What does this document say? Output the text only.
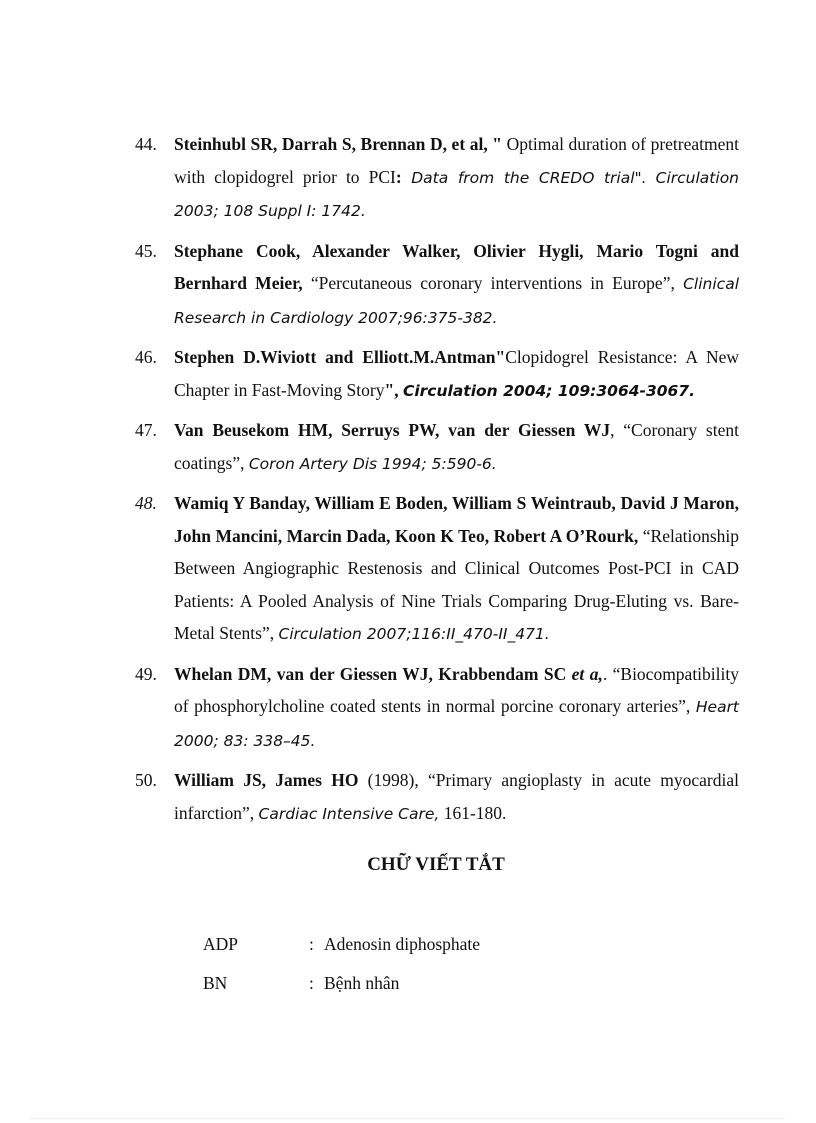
44. Steinhubl SR, Darrah S, Brennan D, et al, " Optimal duration of pretreatment with clopidogrel prior to PCI: Data from the CREDO trial". Circulation 2003; 108 Suppl I: 1742.
45. Stephane Cook, Alexander Walker, Olivier Hygli, Mario Togni and Bernhard Meier, “Percutaneous coronary interventions in Europe”, Clinical Research in Cardiology 2007;96:375-382.
46. Stephen D.Wiviott and Elliott.M.Antman"Clopidogrel Resistance: A New Chapter in Fast-Moving Story", Circulation 2004; 109:3064-3067.
47. Van Beusekom HM, Serruys PW, van der Giessen WJ, “Coronary stent coatings”, Coron Artery Dis 1994; 5:590-6.
48. Wamiq Y Banday, William E Boden, William S Weintraub, David J Maron, John Mancini, Marcin Dada, Koon K Teo, Robert A O’Rourk, “Relationship Between Angiographic Restenosis and Clinical Outcomes Post-PCI in CAD Patients: A Pooled Analysis of Nine Trials Comparing Drug-Eluting vs. Bare-Metal Stents”, Circulation 2007;116:II_470-II_471.
49. Whelan DM, van der Giessen WJ, Krabbendam SC et a,. “Biocompatibility of phosphorylcholine coated stents in normal porcine coronary arteries”, Heart 2000; 83: 338–45.
50. William JS, James HO (1998), “Primary angioplasty in acute myocardial infarction”, Cardiac Intensive Care, 161-180.
CHỮ VIẾT TẮT
ADP	: Adenosin diphosphate
BN	: Bệnh nhân
